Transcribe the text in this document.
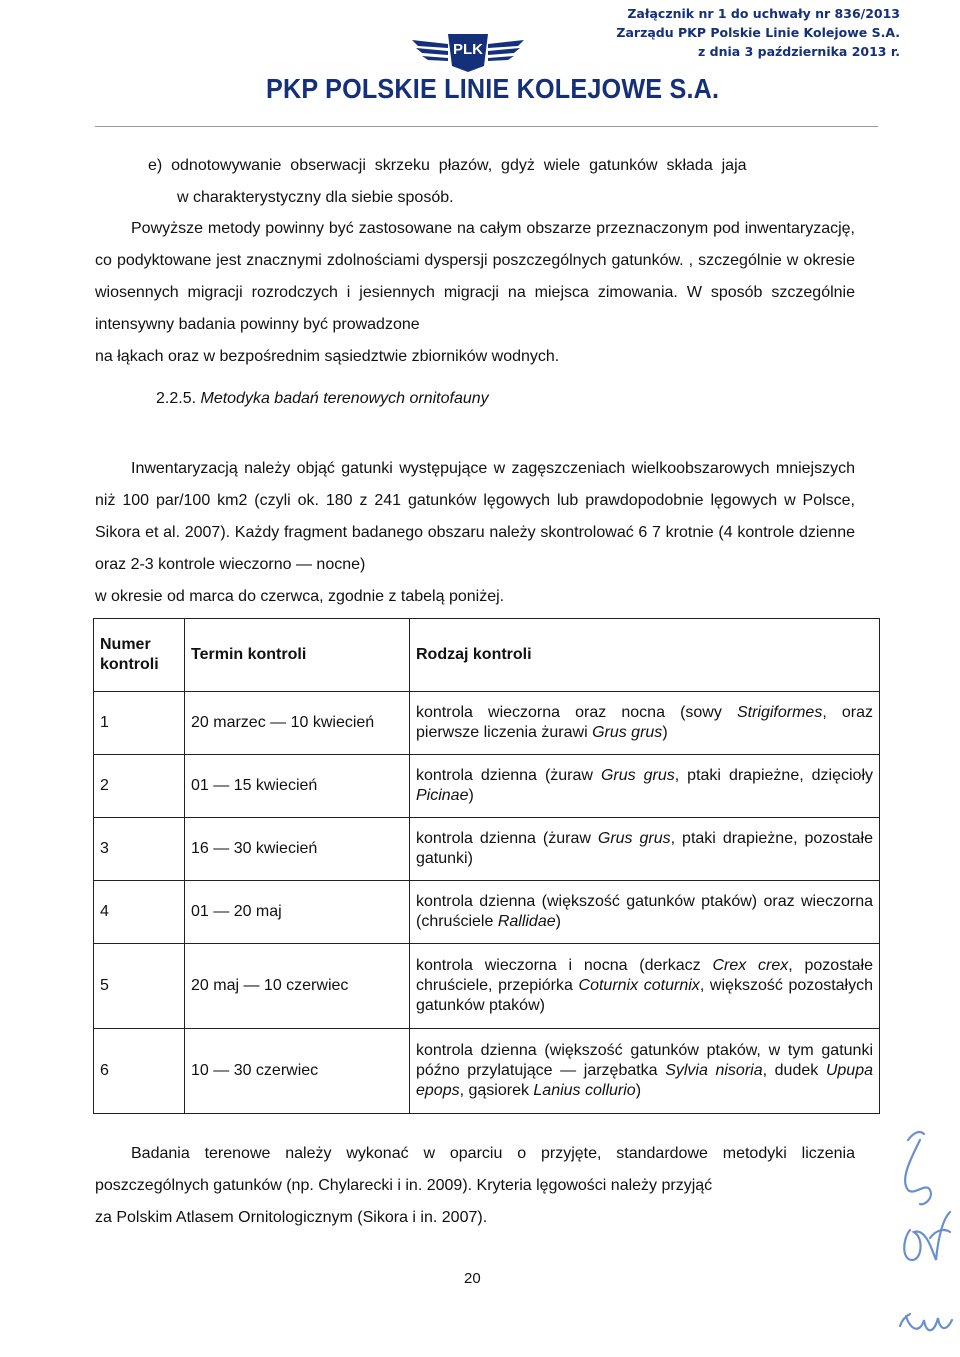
PLK
PKP POLSKIE LINIE KOLEJOWE S.A.
Załącznik nr 1 do uchwały nr 836/2013
Zarządu PKP Polskie Linie Kolejowe S.A.
z dnia 3 października 2013 r.
e)  odnotowywanie  obserwacji  skrzeku  płazów,  gdyż  wiele  gatunków  składa  jaja
w charakterystyczny dla siebie sposób.
Powyższe metody powinny być zastosowane na całym obszarze przeznaczonym pod inwentaryzację, co podyktowane jest znacznymi zdolnościami dyspersji poszczególnych gatunków. , szczególnie w okresie wiosennych migracji rozrodczych i jesiennych migracji na miejsca zimowania. W sposób szczególnie intensywny badania powinny być prowadzone
na łąkach oraz w bezpośrednim sąsiedztwie zbiorników wodnych.
2.2.5. Metodyka badań terenowych ornitofauny
Inwentaryzacją należy objąć gatunki występujące w zagęszczeniach wielkoobszarowych mniejszych niż 100 par/100 km2 (czyli ok. 180 z 241 gatunków lęgowych lub prawdopodobnie lęgowych w Polsce, Sikora et al. 2007). Każdy fragment badanego obszaru należy skontrolować 6 7 krotnie (4 kontrole dzienne oraz 2-3 kontrole wieczorno ― nocne)
w okresie od marca do czerwca, zgodnie z tabelą poniżej.
Numer kontroli	Termin kontroli	Rodzaj kontroli
1	20 marzec ― 10 kwiecień	kontrola wieczorna oraz nocna (sowy Strigiformes, oraz pierwsze liczenia żurawi Grus grus)
2	01 ― 15 kwiecień	kontrola dzienna (żuraw Grus grus, ptaki drapieżne, dzięcioły Picinae)
3	16 ― 30 kwiecień	kontrola dzienna (żuraw Grus grus, ptaki drapieżne, pozostałe gatunki)
4	01 ― 20 maj	kontrola dzienna (większość gatunków ptaków) oraz wieczorna (chruściele Rallidae)
5	20 maj ― 10 czerwiec	kontrola wieczorna i nocna (derkacz Crex crex, pozostałe chruściele, przepiórka Coturnix coturnix, większość pozostałych gatunków ptaków)
6	10 ― 30 czerwiec	kontrola dzienna (większość gatunków ptaków, w tym gatunki późno przylatujące ― jarzębatka Sylvia nisoria, dudek Upupa epops, gąsiorek Lanius collurio)
Badania terenowe należy wykonać w oparciu o przyjęte, standardowe metodyki liczenia poszczególnych gatunków (np. Chylarecki i in. 2009). Kryteria lęgowości należy przyjąć
za Polskim Atlasem Ornitologicznym (Sikora i in. 2007).
20
